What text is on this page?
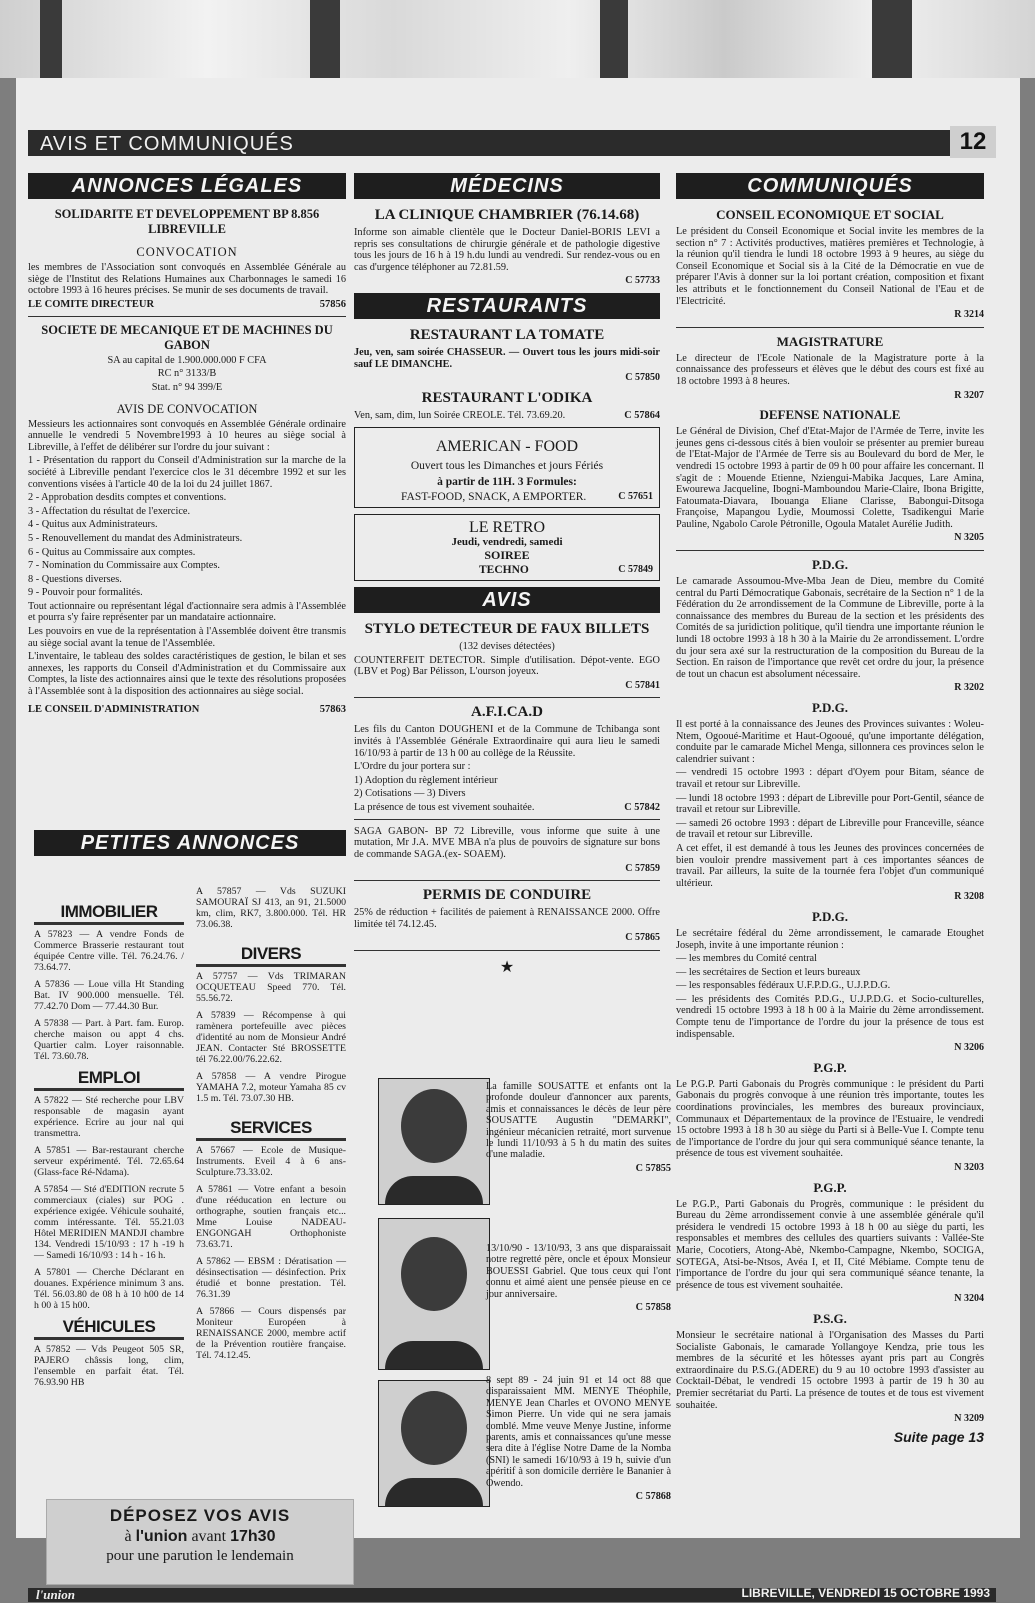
AVIS ET COMMUNIQUÉS	12
ANNONCES LÉGALES
SOLIDARITE ET DEVELOPPEMENT BP 8.856 LIBREVILLE
CONVOCATION

les membres de l'Association sont convoqués en Assemblée Générale au siège de l'Institut des Relations Humaines aux Charbonnages le samedi 16 octobre 1993 à 16 heures précises. Se munir de ses documents de travail.

LE COMITE DIRECTEUR	57856
SOCIETE DE MECANIQUE ET DE MACHINES DU GABON

SA au capital de 1.900.000.000 F CFA

RC n° 3133/B

Stat. n° 94 399/E

AVIS DE CONVOCATION

Messieurs les actionnaires sont convoqués en Assemblée Générale ordinaire annuelle le vendredi 5 Novembre1993 à 10 heures au siège social à Libreville, à l'effet de délibérer sur l'ordre du jour suivant :

1 - Présentation du rapport du Conseil d'Administration sur la marche de la société à Libreville pendant l'exercice clos le 31 décembre 1992 et sur les conventions visées à l'article 40 de la loi du 24 juillet 1867.

2 - Approbation desdits comptes et conventions.

3 - Affectation du résultat de l'exercice.

4 - Quitus aux Administrateurs.

5 - Renouvellement du mandat des Administrateurs.

6 - Quitus au Commissaire aux comptes.

7 - Nomination du Commissaire aux Comptes.

8 - Questions diverses.

9 - Pouvoir pour formalités.

Tout actionnaire ou représentant légal d'actionnaire sera admis à l'Assemblée et pourra s'y faire représenter par un mandataire actionnaire.

Les pouvoirs en vue de la représentation à l'Assemblée doivent être transmis au siège social avant la tenue de l'Assemblée.

L'inventaire, le tableau des soldes caractéristiques de gestion, le bilan et ses annexes, les rapports du Conseil d'Administration et du Commissaire aux Comptes, la liste des actionnaires ainsi que le texte des résolutions proposées à l'Assemblée sont à la disposition des actionnaires au siège social.

LE CONSEIL D'ADMINISTRATION	57863
PETITES ANNONCES
IMMOBILIER

A 57823 — A vendre Fonds de Commerce Brasserie restaurant tout équipée Centre ville. Tél. 76.24.76. / 73.64.77.

A 57836 — Loue villa Ht Standing Bat. IV 900.000 mensuelle. Tél. 77.42.70 Dom — 77.44.30 Bur.

A 57838 — Part. à Part. fam. Europ. cherche maison ou appt 4 chs. Quartier calm. Loyer raisonnable. Tél. 73.60.78.

EMPLOI

A 57822 — Sté recherche pour LBV responsable de magasin ayant expérience. Ecrire au jour nal qui transmettra.

A 57851 — Bar-restaurant cherche serveur expérimenté. Tél. 72.65.64 (Glass-face Ré-Ndama).

A 57854 — Sté d'EDITION recrute 5 commerciaux (ciales) sur POG . expérience exigée. Véhicule souhaité, comm intéressante. Tél. 55.21.03 Hôtel MERIDIEN MANDJI chambre 134. Vendredi 15/10/93 : 17 h -19 h — Samedi 16/10/93 : 14 h - 16 h.

A 57801 — Cherche Déclarant en douanes. Expérience minimum 3 ans. Tél. 56.03.80 de 08 h à 10 h00 de 14 h 00 à 15 h00.

VÉHICULES

A 57852 — Vds Peugeot 505 SR, PAJERO châssis long, clim, l'ensemble en parfait état. Tél. 76.93.90 HB

A 57857 — Vds SUZUKI SAMOURAÏ SJ 413, an 91, 21.5000 km, clim, RK7, 3.800.000. Tél. HR 73.06.38.

DIVERS

A 57757 — Vds TRIMARAN OCQUETEAU Speed 770. Tél. 55.56.72.

A 57839 — Récompense à qui ramènera portefeuille avec pièces d'identité au nom de Monsieur André JEAN. Contacter Sté BROSSETTE tél 76.22.00/76.22.62.

A 57858 — A vendre Pirogue YAMAHA 7.2, moteur Yamaha 85 cv 1.5 m. Tél. 73.07.30 HB.

SERVICES

A 57667 — Ecole de Musique-Instruments. Eveil 4 à 6 ans-Sculpture.73.33.02.

A 57861 — Votre enfant a besoin d'une rééducation en lecture ou orthographe, soutien français etc... Mme Louise NADEAU-ENGONGAH Orthophoniste 73.63.71.

A 57862 — EBSM : Dératisation — désinsectisation — désinfection. Prix étudié et bonne prestation. Tél. 76.31.39

A 57866 — Cours dispensés par Moniteur Européen à RENAISSANCE 2000, membre actif de la Prévention routière française. Tél. 74.12.45.

MÉDECINS
LA CLINIQUE CHAMBRIER (76.14.68)

Informe son aimable clientèle que le Docteur Daniel-BORIS LEVI a repris ses consultations de chirurgie générale et de pathologie digestive tous les jours de 16 h à 19 h.du lundi au vendredi. Sur rendez-vous ou en cas d'urgence téléphoner au 72.81.59.

C 57733

RESTAURANTS
RESTAURANT LA TOMATE

Jeu, ven, sam soirée CHASSEUR. — Ouvert tous les jours midi-soir sauf LE DIMANCHE.

C 57850

RESTAURANT L'ODIKA
Ven, sam, dim, lun Soirée CREOLE. Tél. 73.69.20.	C 57864
AMERICAN - FOOD

Ouvert tous les Dimanches et jours Fériés

à partir de 11H. 3 Formules:

FAST-FOOD, SNACK, A EMPORTER.	C 57651
LE RETRO

Jeudi, vendredi, samedi

SOIREE

TECHNO	C 57849
AVIS
STYLO DETECTEUR DE FAUX BILLETS

(132 devises détectées)

COUNTERFEIT DETECTOR. Simple d'utilisation. Dépot-vente. EGO (LBV et Pog) Bar Pélisson, L'ourson joyeux.

C 57841

A.F.I.CA.D

Les fils du Canton DOUGHENI et de la Commune de Tchibanga sont invités à l'Assemblée Générale Extraordinaire qui aura lieu le samedi 16/10/93 à partir de 13 h 00 au collège de la Réussite.

L'Ordre du jour portera sur :

1) Adoption du règlement intérieur

2) Cotisations — 3) Divers

La présence de tous est vivement souhaitée.	C 57842

SAGA GABON- BP 72 Libreville, vous informe que suite à une mutation, Mr J.A. MVE MBA n'a plus de pouvoirs de signature sur bons de commande SAGA.(ex- SOAEM).

C 57859

PERMIS DE CONDUIRE

25% de réduction + facilités de paiement à RENAISSANCE 2000. Offre limitée tél 74.12.45.

C 57865

★

La famille SOUSATTE et enfants ont la profonde douleur d'annoncer aux parents, amis et connaissances le décès de leur père SOUSATTE Augustin "DEMARKI", ingénieur mécanicien retraité, mort survenue le lundi 11/10/93 à 5 h du matin des suites d'une maladie.

C 57855

13/10/90 - 13/10/93, 3 ans que disparaissait notre regretté père, oncle et époux Monsieur BOUESSI Gabriel. Que tous ceux qui l'ont connu et aimé aient une pensée pieuse en ce jour anniversaire.

C 57858

8 sept 89 - 24 juin 91 et 14 oct 88 que disparaissaient MM. MENYE Théophile, MENYE Jean Charles et OVONO MENYE Simon Pierre. Un vide qui ne sera jamais comblé. Mme veuve Menye Justine, informe parents, amis et connaissances qu'une messe sera dite à l'église Notre Dame de la Nomba (SNI) le samedi 16/10/93 à 19 h, suivie d'un apéritif à son domicile derrière le Bananier à Owendo.

C 57868

COMMUNIQUÉS
CONSEIL ECONOMIQUE ET SOCIAL

Le président du Conseil Economique et Social invite les membres de la section n° 7 : Activités productives, matières premières et Technologie, à la réunion qu'il tiendra le lundi 18 octobre 1993 à 9 heures, au siège du Conseil Economique et Social sis à la Cité de la Démocratie en vue de préparer l'Avis à donner sur la loi portant création, composition et fixant les attributs et le fonctionnement du Conseil National de l'Eau et de l'Electricité.

R 3214

MAGISTRATURE

Le directeur de l'Ecole Nationale de la Magistrature porte à la connaissance des professeurs et élèves que le début des cours est fixé au 18 octobre 1993 à 8 heures.

R 3207

DEFENSE NATIONALE

Le Général de Division, Chef d'Etat-Major de l'Armée de Terre, invite les jeunes gens ci-dessous cités à bien vouloir se présenter au premier bureau de l'Etat-Major de l'Armée de Terre sis au Boulevard du bord de Mer, le vendredi 15 octobre 1993 à partir de 09 h 00 pour affaire les concernant. Il s'agit de : Mouende Etienne, Nziengui-Mabika Jacques, Lare Amina, Ewourewa Jacqueline, Ibogni-Mamboundou Marie-Claire, Ibona Brigitte, Fatoumata-Diavara, Ibouanga Eliane Clarisse, Babongui-Ditsoga Françoise, Mapangou Lydie, Moumossi Colette, Tsadikengui Marie Pauline, Ngabolo Carole Pétronille, Ogoula Matalet Aurélie Judith.

N 3205

P.D.G.

Le camarade Assoumou-Mve-Mba Jean de Dieu, membre du Comité central du Parti Démocratique Gabonais, secrétaire de la Section n° 1 de la Fédération du 2e arrondissement de la Commune de Libreville, porte à la connaissance des membres du Bureau de la section et les présidents des Comités de sa juridiction politique, qu'il tiendra une importante réunion le lundi 18 octobre 1993 à 18 h 30 à la Mairie du 2e arrondissement. L'ordre du jour sera axé sur la restructuration de la composition du Bureau de la Section. En raison de l'importance que revêt cet ordre du jour, la présence de tout un chacun est absolument nécessaire.

R 3202

P.D.G.

Il est porté à la connaissance des Jeunes des Provinces suivantes : Woleu-Ntem, Ogooué-Maritime et Haut-Ogooué, qu'une importante délégation, conduite par le camarade Michel Menga, sillonnera ces provinces selon le calendrier suivant :

— vendredi 15 octobre 1993 : départ d'Oyem pour Bitam, séance de travail et retour sur Libreville.

— lundi 18 octobre 1993 : départ de Libreville pour Port-Gentil, séance de travail et retour sur Libreville.

— samedi 26 octobre 1993 : départ de Libreville pour Franceville, séance de travail et retour sur Libreville.

A cet effet, il est demandé à tous les Jeunes des provinces concernées de bien vouloir prendre massivement part à ces importantes séances de travail. Par ailleurs, la suite de la tournée fera l'objet d'un communiqué ultérieur.

R 3208

P.D.G.

Le secrétaire fédéral du 2ème arrondissement, le camarade Etoughet Joseph, invite à une importante réunion :

— les membres du Comité central

— les secrétaires de Section et leurs bureaux

— les responsables fédéraux U.F.P.D.G., U.J.P.D.G.

— les présidents des Comités P.D.G., U.J.P.D.G. et Socio-culturelles, vendredi 15 octobre 1993 à 18 h 00 à la Mairie du 2ème arrondissement. Compte tenu de l'importance de l'ordre du jour la présence de tous est indispensable.

N 3206

P.G.P.

Le P.G.P. Parti Gabonais du Progrès communique : le président du Parti Gabonais du progrès convoque à une réunion très importante, toutes les coordinations provinciales, les membres des bureaux provinciaux, Communaux et Départementaux de la province de l'Estuaire, le vendredi 15 octobre 1993 à 18 h 30 au siège du Parti si à Belle-Vue I. Compte tenu de l'importance de l'ordre du jour qui sera communiqué séance tenante, la présence de tous est vivement souhaitée.

N 3203

P.G.P.

Le P.G.P., Parti Gabonais du Progrès, communique : le président du Bureau du 2ème arrondissement convie à une assemblée générale qu'il présidera le vendredi 15 octobre 1993 à 18 h 00 au siège du parti, les responsables et membres des cellules des quartiers suivants : Vallée-Ste Marie, Cocotiers, Atong-Abè, Nkembo-Campagne, Nkembo, SOCIGA, SOTEGA, Atsi-be-Ntsos, Avéa I, et II, Cité Mébiame. Compte tenu de l'importance de l'ordre du jour qui sera communiqué séance tenante, la présence de tous est vivement souhaitée.

N 3204

P.S.G.

Monsieur le secrétaire national à l'Organisation des Masses du Parti Socialiste Gabonais, le camarade Yollangoye Kendza, prie tous les membres de la sécurité et les hôtesses ayant pris part au Congrès extraordinaire du P.S.G.(ADERE) du 9 au 10 octobre 1993 d'assister au Cocktail-Débat, le vendredi 15 octobre 1993 à partir de 19 h 30 au Premier secrétariat du Parti. La présence de toutes et de tous est vivement souhaitée.

N 3209

Suite page 13
DÉPOSEZ VOS AVIS
à l'union avant 17h30
pour une parution le lendemain
l'union	LIBREVILLE, VENDREDI 15 OCTOBRE 1993
